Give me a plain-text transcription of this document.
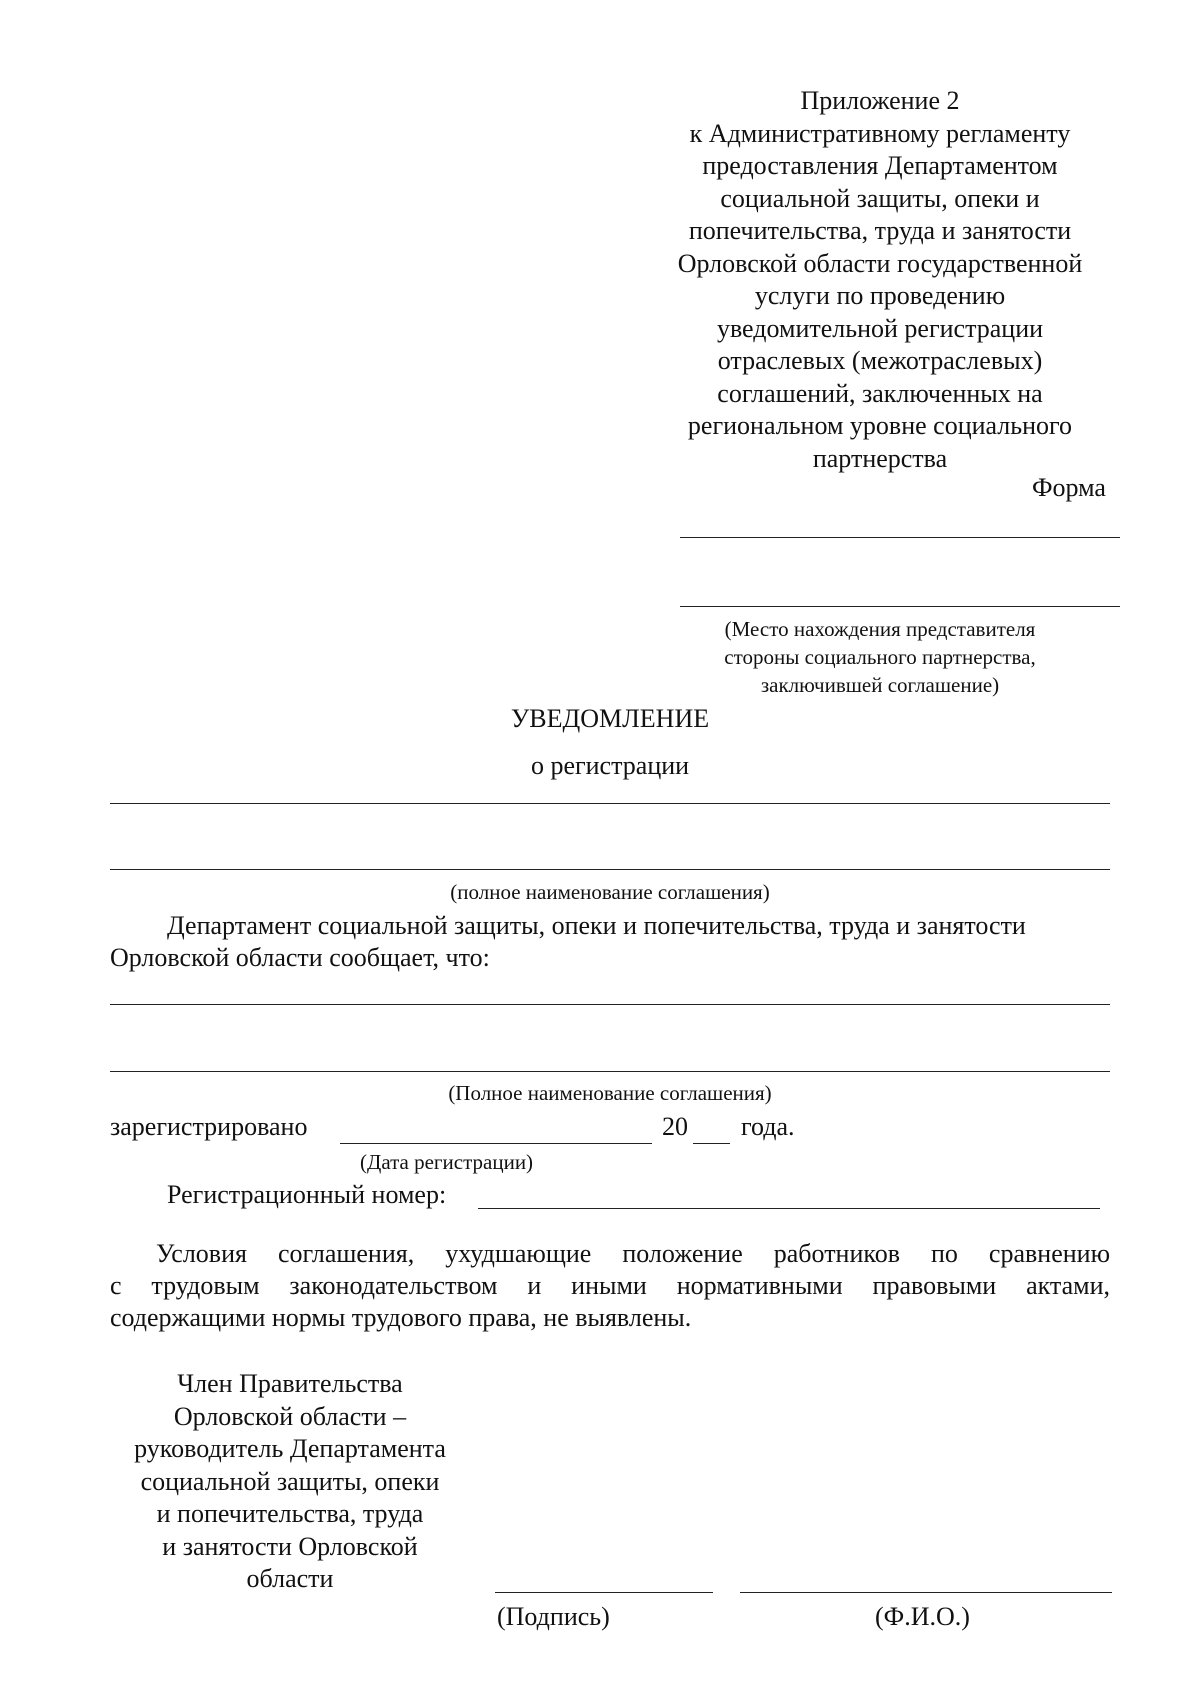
Приложение 2
к Административному регламенту
предоставления Департаментом
социальной защиты, опеки и
попечительства, труда и занятости
Орловской области государственной
услуги по проведению
уведомительной регистрации
отраслевых (межотраслевых)
соглашений, заключенных на
региональном уровне социального
партнерства
Форма
(Место нахождения представителя
стороны социального партнерства,
заключившей соглашение)
УВЕДОМЛЕНИЕ
о регистрации
(полное наименование соглашения)
Департамент социальной защиты, опеки и попечительства, труда и занятости
Орловской области сообщает, что:
(Полное наименование соглашения)
зарегистрировано	20 года.
(Дата регистрации)
Регистрационный номер:
Условия соглашения, ухудшающие положение работников по сравнению
с трудовым законодательством и иными нормативными правовыми актами,
содержащими нормы трудового права, не выявлены.
Член Правительства
Орловской области –
руководитель Департамента
социальной защиты, опеки
и попечительства, труда
и занятости Орловской
области
(Подпись)	(Ф.И.О.)
